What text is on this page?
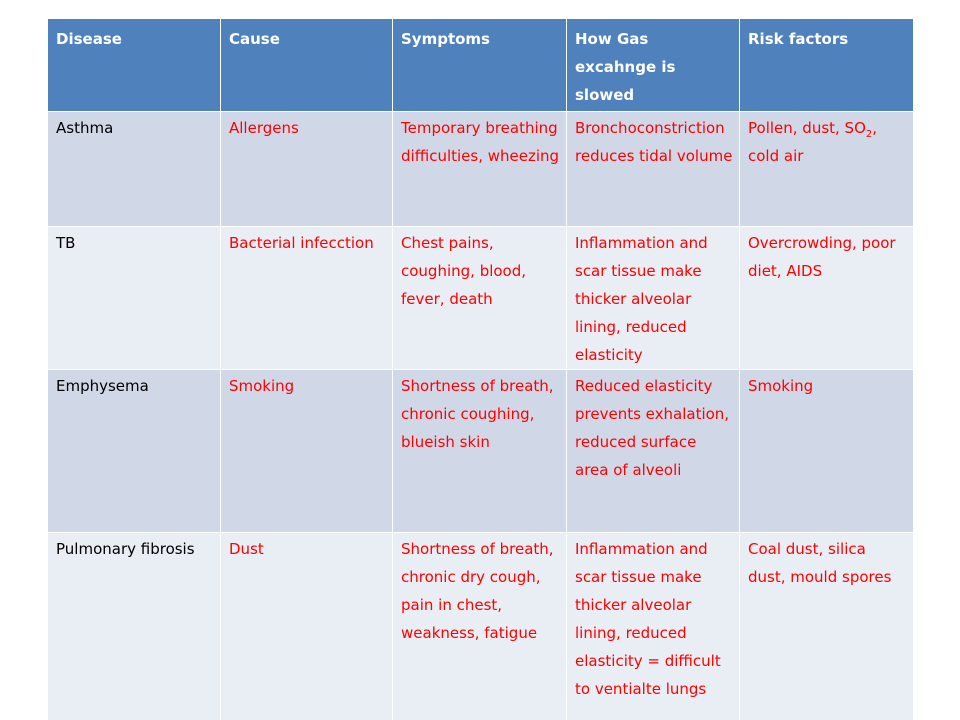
Disease	Cause	Symptoms	How Gas excahnge is slowed	Risk factors
Asthma	Allergens	Temporary breathing difficulties, wheezing	Bronchoconstriction reduces tidal volume	Pollen, dust, $SO_2$, cold air
TB	Bacterial infecction	Chest pains, coughing, blood, fever, death	Inflammation and scar tissue make thicker alveolar lining, reduced elasticity	Overcrowding, poor diet, AIDS
Emphysema	Smoking	Shortness of breath, chronic coughing, blueish skin	Reduced elasticity prevents exhalation, reduced surface area of alveoli	Smoking
Pulmonary fibrosis	Dust	Shortness of breath, chronic dry cough, pain in chest, weakness, fatigue	Inflammation and scar tissue make thicker alveolar lining, reduced elasticity = difficult to ventialte lungs	Coal dust, silica dust, mould spores
